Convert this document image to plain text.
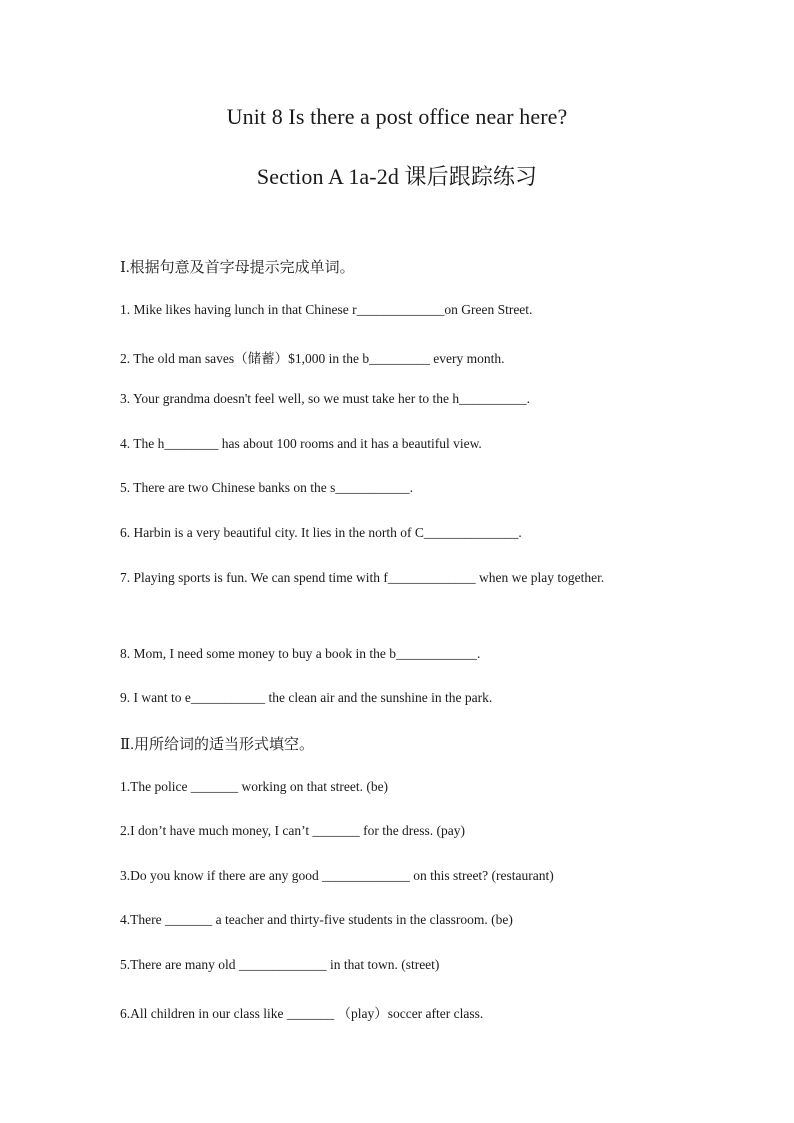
Unit 8 Is there a post office near here?
Section A 1a-2d 课后跟踪练习

Ⅰ.根据句意及首字母提示完成单词。

1. Mike likes having lunch in that Chinese r_____________on Green Street.

2. The old man saves（储蓄）$1,000 in the b_________ every month.

3. Your grandma doesn't feel well, so we must take her to the h__________.

4. The h________ has about 100 rooms and it has a beautiful view.

5. There are two Chinese banks on the s___________.

6. Harbin is a very beautiful city. It lies in the north of C______________.

7. Playing sports is fun. We can spend time with f_____________ when we play together.

8. Mom, I need some money to buy a book in the b____________.

9. I want to e___________ the clean air and the sunshine in the park.

Ⅱ.用所给词的适当形式填空。

1.The police _______ working on that street. (be)

2.I don’t have much money, I can’t _______ for the dress. (pay)

3.Do you know if there are any good _____________ on this street? (restaurant)

4.There _______ a teacher and thirty-five students in the classroom. (be)

5.There are many old _____________ in that town. (street)

6.All children in our class like _______ （play）soccer after class.
